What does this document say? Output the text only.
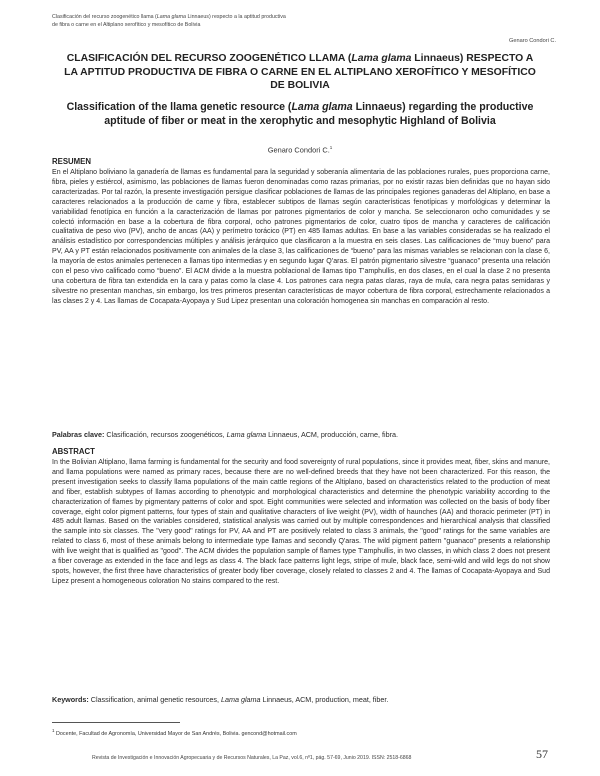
Clasificación del recurso zoogenético llama (Lama glama Linnaeus) respecto a la aptitud productiva de fibra o carne en el Altiplano xerofítico y mesofítico de Bolivia
Genaro Condori C.
CLASIFICACIÓN DEL RECURSO ZOOGENÉTICO LLAMA (Lama glama Linnaeus) RESPECTO A LA APTITUD PRODUCTIVA DE FIBRA O CARNE EN EL ALTIPLANO XEROFÍTICO Y MESOFÍTICO DE BOLIVIA
Classification of the llama genetic resource (Lama glama Linnaeus) regarding the productive aptitude of fiber or meat in the xerophytic and mesophytic Highland of Bolivia
Genaro Condori C.$^1$
RESUMEN

En el Altiplano boliviano la ganadería de llamas es fundamental para la seguridad y soberanía alimentaria de las poblaciones rurales, pues proporciona carne, fibra, pieles y estiércol, asimismo, las poblaciones de llamas fueron denominadas como razas primarias, por no existir razas bien definidas que no hayan sido caracterizadas. Por tal razón, la presente investigación persigue clasificar poblaciones de llamas de las principales regiones ganaderas del Altiplano, en base a caracteres relacionados a la producción de carne y fibra, establecer subtipos de llamas según características fenotípicas y morfológicas y determinar la variabilidad fenotípica en función a la caracterización de llamas por patrones pigmentarios de color y mancha. Se seleccionaron ocho comunidades y se colectó información en base a la cobertura de fibra corporal, ocho patrones pigmentarios de color, cuatro tipos de mancha y caracteres de calificación cualitativa de peso vivo (PV), ancho de ancas (AA) y perímetro torácico (PT) en 485 llamas adultas. En base a las variables consideradas se ha realizado el análisis estadístico por correspondencias múltiples y análisis jerárquico que clasificaron a la muestra en seis clases. Las calificaciones de “muy bueno” para PV, AA y PT están relacionados positivamente con animales de la clase 3, las calificaciones de “bueno” para las mismas variables se relacionan con la clase 6, la mayoría de estos animales pertenecen a llamas tipo intermedias y en segundo lugar Q’aras. El patrón pigmentario silvestre “guanaco” presenta una relación con el peso vivo calificado como “bueno”. El ACM divide a la muestra poblacional de llamas tipo T’amphullis, en dos clases, en el cual la clase 2 no presenta una cobertura de fibra tan extendida en la cara y patas como la clase 4. Los patrones cara negra patas claras, raya de mula, cara negra patas semidaras y silvestre no presentan manchas, sin embargo, los tres primeros presentan características de mayor cobertura de fibra corporal, estrechamente relacionados a las clases 2 y 4. Las llamas de Cocapata-Ayopaya y Sud Lipez presentan una coloración homogenea sin manchas en comparación al resto.

Palabras clave: Clasificación, recursos zoogenéticos, Lama glama Linnaeus, ACM, producción, carne, fibra.

ABSTRACT

In the Bolivian Altiplano, llama farming is fundamental for the security and food sovereignty of rural populations, since it provides meat, fiber, skins and manure, and llama populations were named as primary races, because there are no well-defined breeds that they have not been characterized. For this reason, the present investigation seeks to classify llama populations of the main cattle regions of the Altiplano, based on characteristics related to the production of meat and fiber, establish subtypes of llamas according to phenotypic and morphological characteristics and determine the phenotypic variability according to the characterization of flames by pigmentary patterns of color and spot. Eight communities were selected and information was collected on the basis of body fiber coverage, eight color pigment patterns, four types of stain and qualitative characters of live weight (PV), width of haunches (AA) and thoracic perimeter (PT) in 485 adult llamas. Based on the variables considered, statistical analysis was carried out by multiple correspondences and hierarchical analysis that classified the sample into six classes. The "very good" ratings for PV, AA and PT are positively related to class 3 animals, the "good" ratings for the same variables are related to class 6, most of these animals belong to intermediate type llamas and secondly Q'aras. The wild pigment pattern "guanaco" presents a relationship with live weight that is qualified as "good". The ACM divides the population sample of flames type T'amphullis, in two classes, in which class 2 does not present a fiber coverage as extended in the face and legs as class 4. The black face patterns light legs, stripe of mule, black face, semi-wild and wild legs do not show spots, however, the first three have characteristics of greater body fiber coverage, closely related to classes 2 and 4. The llamas of Cocapata-Ayopaya and Sud Lipez present a homogeneous coloration No stains compared to the rest.

Keywords: Classification, animal genetic resources, Lama glama Linnaeus, ACM, production, meat, fiber.

$^1$ Docente, Facultad de Agronomía, Universidad Mayor de San Andrés, Bolivia. gencond@hotmail.com
Revista de Investigación e Innovación Agropecuaria y de Recursos Naturales, La Paz, vol.6, nº1, pág. 57-69, Junio 2019. ISSN: 2518-6868	57
